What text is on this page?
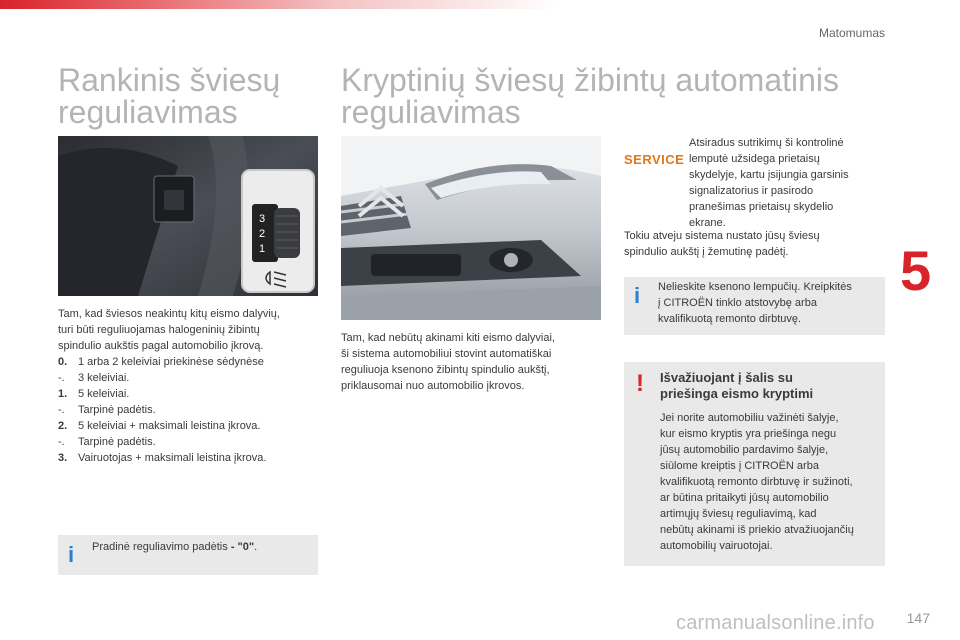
Matomumas
5
Rankinis šviesų
reguliavimas
Kryptinių šviesų žibintų automatinis
reguliavimas
3
2
1
Tam, kad šviesos neakintų kitų eismo dalyvių,
turi būti reguliuojamas halogeninių žibintų
spindulio aukštis pagal automobilio įkrovą.
0. 1 arba 2 keleiviai priekinėse sėdynėse
-.	3 keleiviai.
1. 5 keleiviai.
-.	Tarpinė padėtis.
2. 5 keleiviai + maksimali leistina įkrova.
-.	Tarpinė padėtis.
3. Vairuotojas + maksimali leistina įkrova.
i Pradinė reguliavimo padėtis - "0".
Tam, kad nebūtų akinami kiti eismo dalyviai,
ši sistema automobiliui stovint automatiškai
reguliuoja ksenono žibintų spindulio aukštį,
priklausomai nuo automobilio įkrovos.
SERVICE
Atsiradus sutrikimų ši kontrolinė
lemputė užsidega prietaisų
skydelyje, kartu įsijungia garsinis
signalizatorius ir pasirodo
pranešimas prietaisų skydelio
ekrane.
Tokiu atveju sistema nustato jūsų šviesų
spindulio aukštį į žemutinę padėtį.
i Nelieskite ksenono lempučių. Kreipkitės
į CITROËN tinklo atstovybę arba
kvalifikuotą remonto dirbtuvę.
! Išvažiuojant į šalis su
priešinga eismo kryptimi
Jei norite automobiliu važinėti šalyje,
kur eismo kryptis yra priešinga negu
jūsų automobilio pardavimo šalyje,
siūlome kreiptis į CITROËN arba
kvalifikuotą remonto dirbtuvę ir sužinoti,
ar būtina pritaikyti jūsų automobilio
artimųjų šviesų reguliavimą, kad
nebūtų akinami iš priekio atvažiuojančių
automobilių vairuotojai.
carmanualsonline.info 147
